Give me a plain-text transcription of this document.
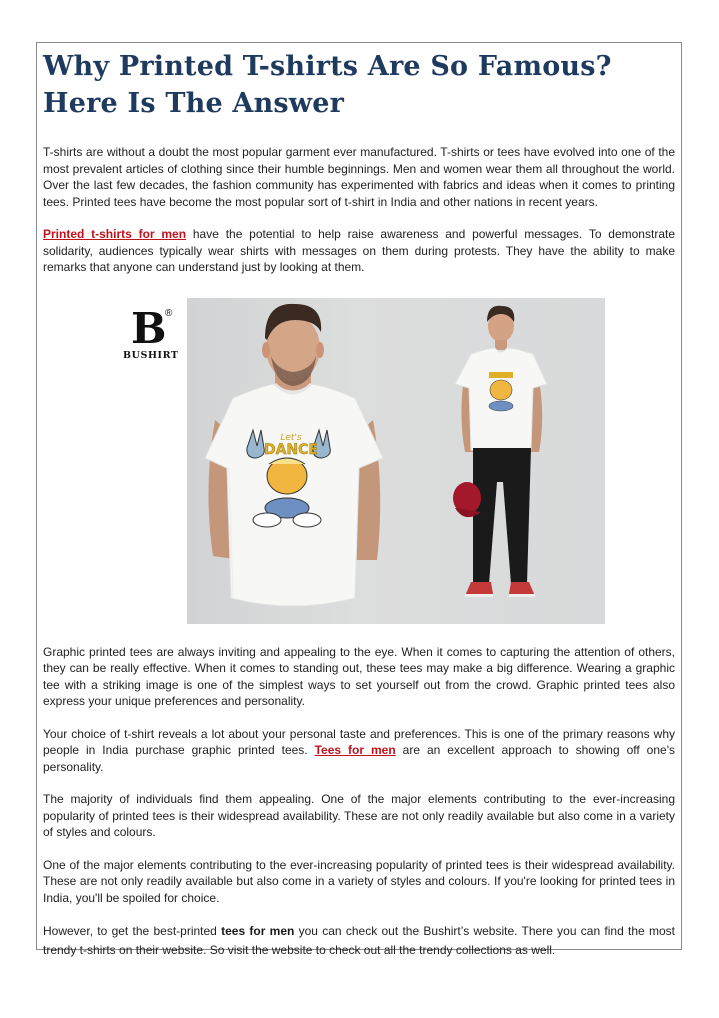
Why Printed T-shirts Are So Famous? Here Is The Answer

T-shirts are without a doubt the most popular garment ever manufactured. T-shirts or tees have evolved into one of the most prevalent articles of clothing since their humble beginnings. Men and women wear them all throughout the world. Over the last few decades, the fashion community has experimented with fabrics and ideas when it comes to printing tees. Printed tees have become the most popular sort of t-shirt in India and other nations in recent years.

Printed t-shirts for men have the potential to help raise awareness and powerful messages. To demonstrate solidarity, audiences typically wear shirts with messages on them during protests. They have the ability to make remarks that anyone can understand just by looking at them.

B
®
BUSHIRT
Let's
DANCE

Graphic printed tees are always inviting and appealing to the eye. When it comes to capturing the attention of others, they can be really effective. When it comes to standing out, these tees may make a big difference. Wearing a graphic tee with a striking image is one of the simplest ways to set yourself out from the crowd. Graphic printed tees also express your unique preferences and personality.

Your choice of t-shirt reveals a lot about your personal taste and preferences. This is one of the primary reasons why people in India purchase graphic printed tees. Tees for men are an excellent approach to showing off one's personality.

The majority of individuals find them appealing. One of the major elements contributing to the ever-increasing popularity of printed tees is their widespread availability. These are not only readily available but also come in a variety of styles and colours.

One of the major elements contributing to the ever-increasing popularity of printed tees is their widespread availability. These are not only readily available but also come in a variety of styles and colours. If you're looking for printed tees in India, you'll be spoiled for choice.

However, to get the best-printed tees for men you can check out the Bushirt’s website. There you can find the most trendy t-shirts on their website. So visit the website to check out all the trendy collections as well.
